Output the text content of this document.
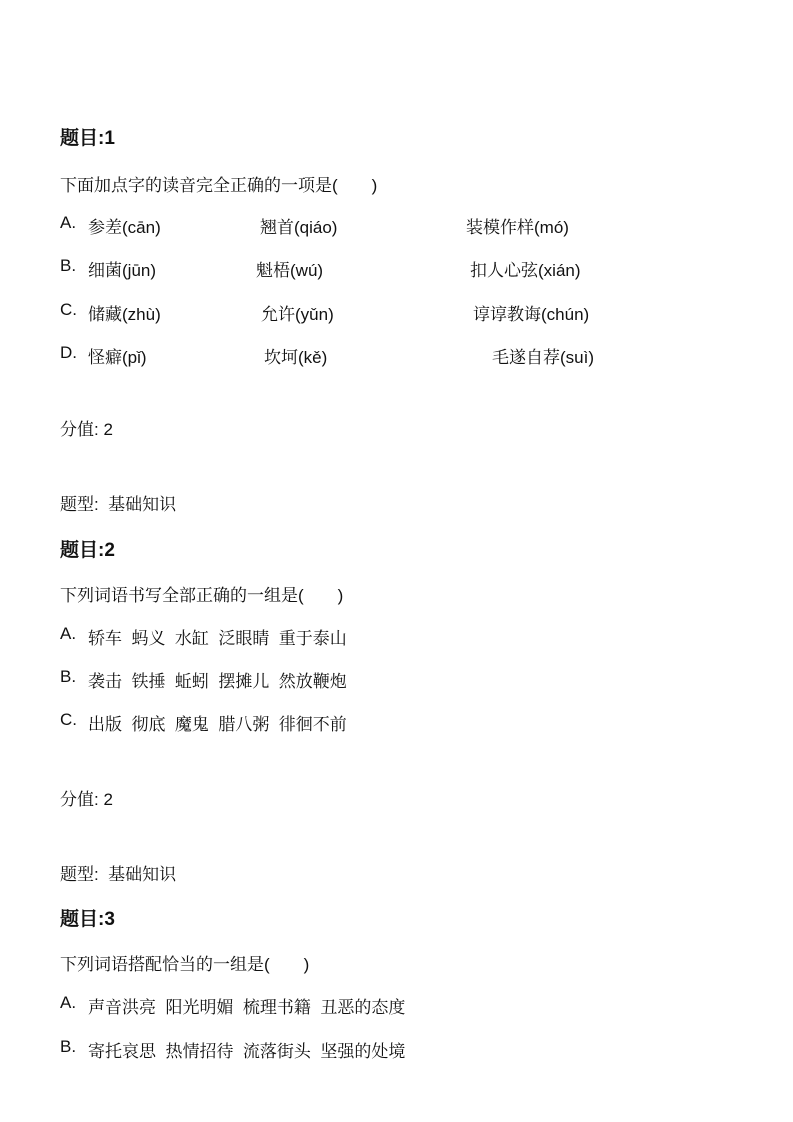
题目:1

下面加点字的读音完全正确的一项是(　　)

A. 参差(cān)	翘首(qiáo)	装模作样(mó)
B. 细菌(jūn)	魁梧(wú)	扣人心弦(xián)
C. 储藏(zhù)	允许(yǔn)	谆谆教诲(chún)
D. 怪癖(pǐ)	坎坷(kě)	毛遂自荐(suì)
分值: 2
题型:  基础知识
题目:2

下列词语书写全部正确的一组是(　　)

A. 轿车  蚂义  水缸  泛眼睛  重于泰山
B. 袭击  铁捶  蚯蚓  摆摊儿  然放鞭炮
C. 出版  彻底  魔鬼  腊八粥  徘徊不前
分值: 2
题型:  基础知识
题目:3

下列词语搭配恰当的一组是(　　)

A. 声音洪亮  阳光明媚  梳理书籍  丑恶的态度
B. 寄托哀思  热情招待  流落街头  坚强的处境
